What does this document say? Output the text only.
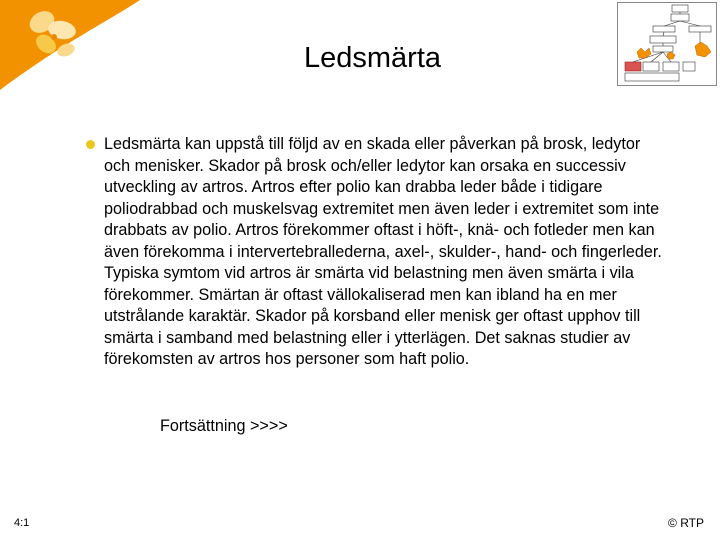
Ledsmärta

Ledsmärta kan uppstå till följd av en skada eller påverkan på brosk, ledytor och menisker. Skador på brosk och/eller ledytor kan orsaka en successiv utveckling av artros. Artros efter polio kan drabba leder både i tidigare poliodrabbad och muskelsvag extremitet men även leder i extremitet som inte drabbats av polio. Artros förekommer oftast i höft-, knä- och fotleder men kan även förekomma i intervertebrallederna, axel-, skulder-, hand- och fingerleder. Typiska symtom vid artros är smärta vid belastning men även smärta i vila förekommer. Smärtan är oftast vällokaliserad men kan ibland ha en mer utstrålande karaktär. Skador på korsband eller menisk ger oftast upphov till smärta i samband med belastning eller i ytterlägen. Det saknas studier av förekomsten av artros hos personer som haft polio.

Fortsättning >>>>
4:1	© RTP
